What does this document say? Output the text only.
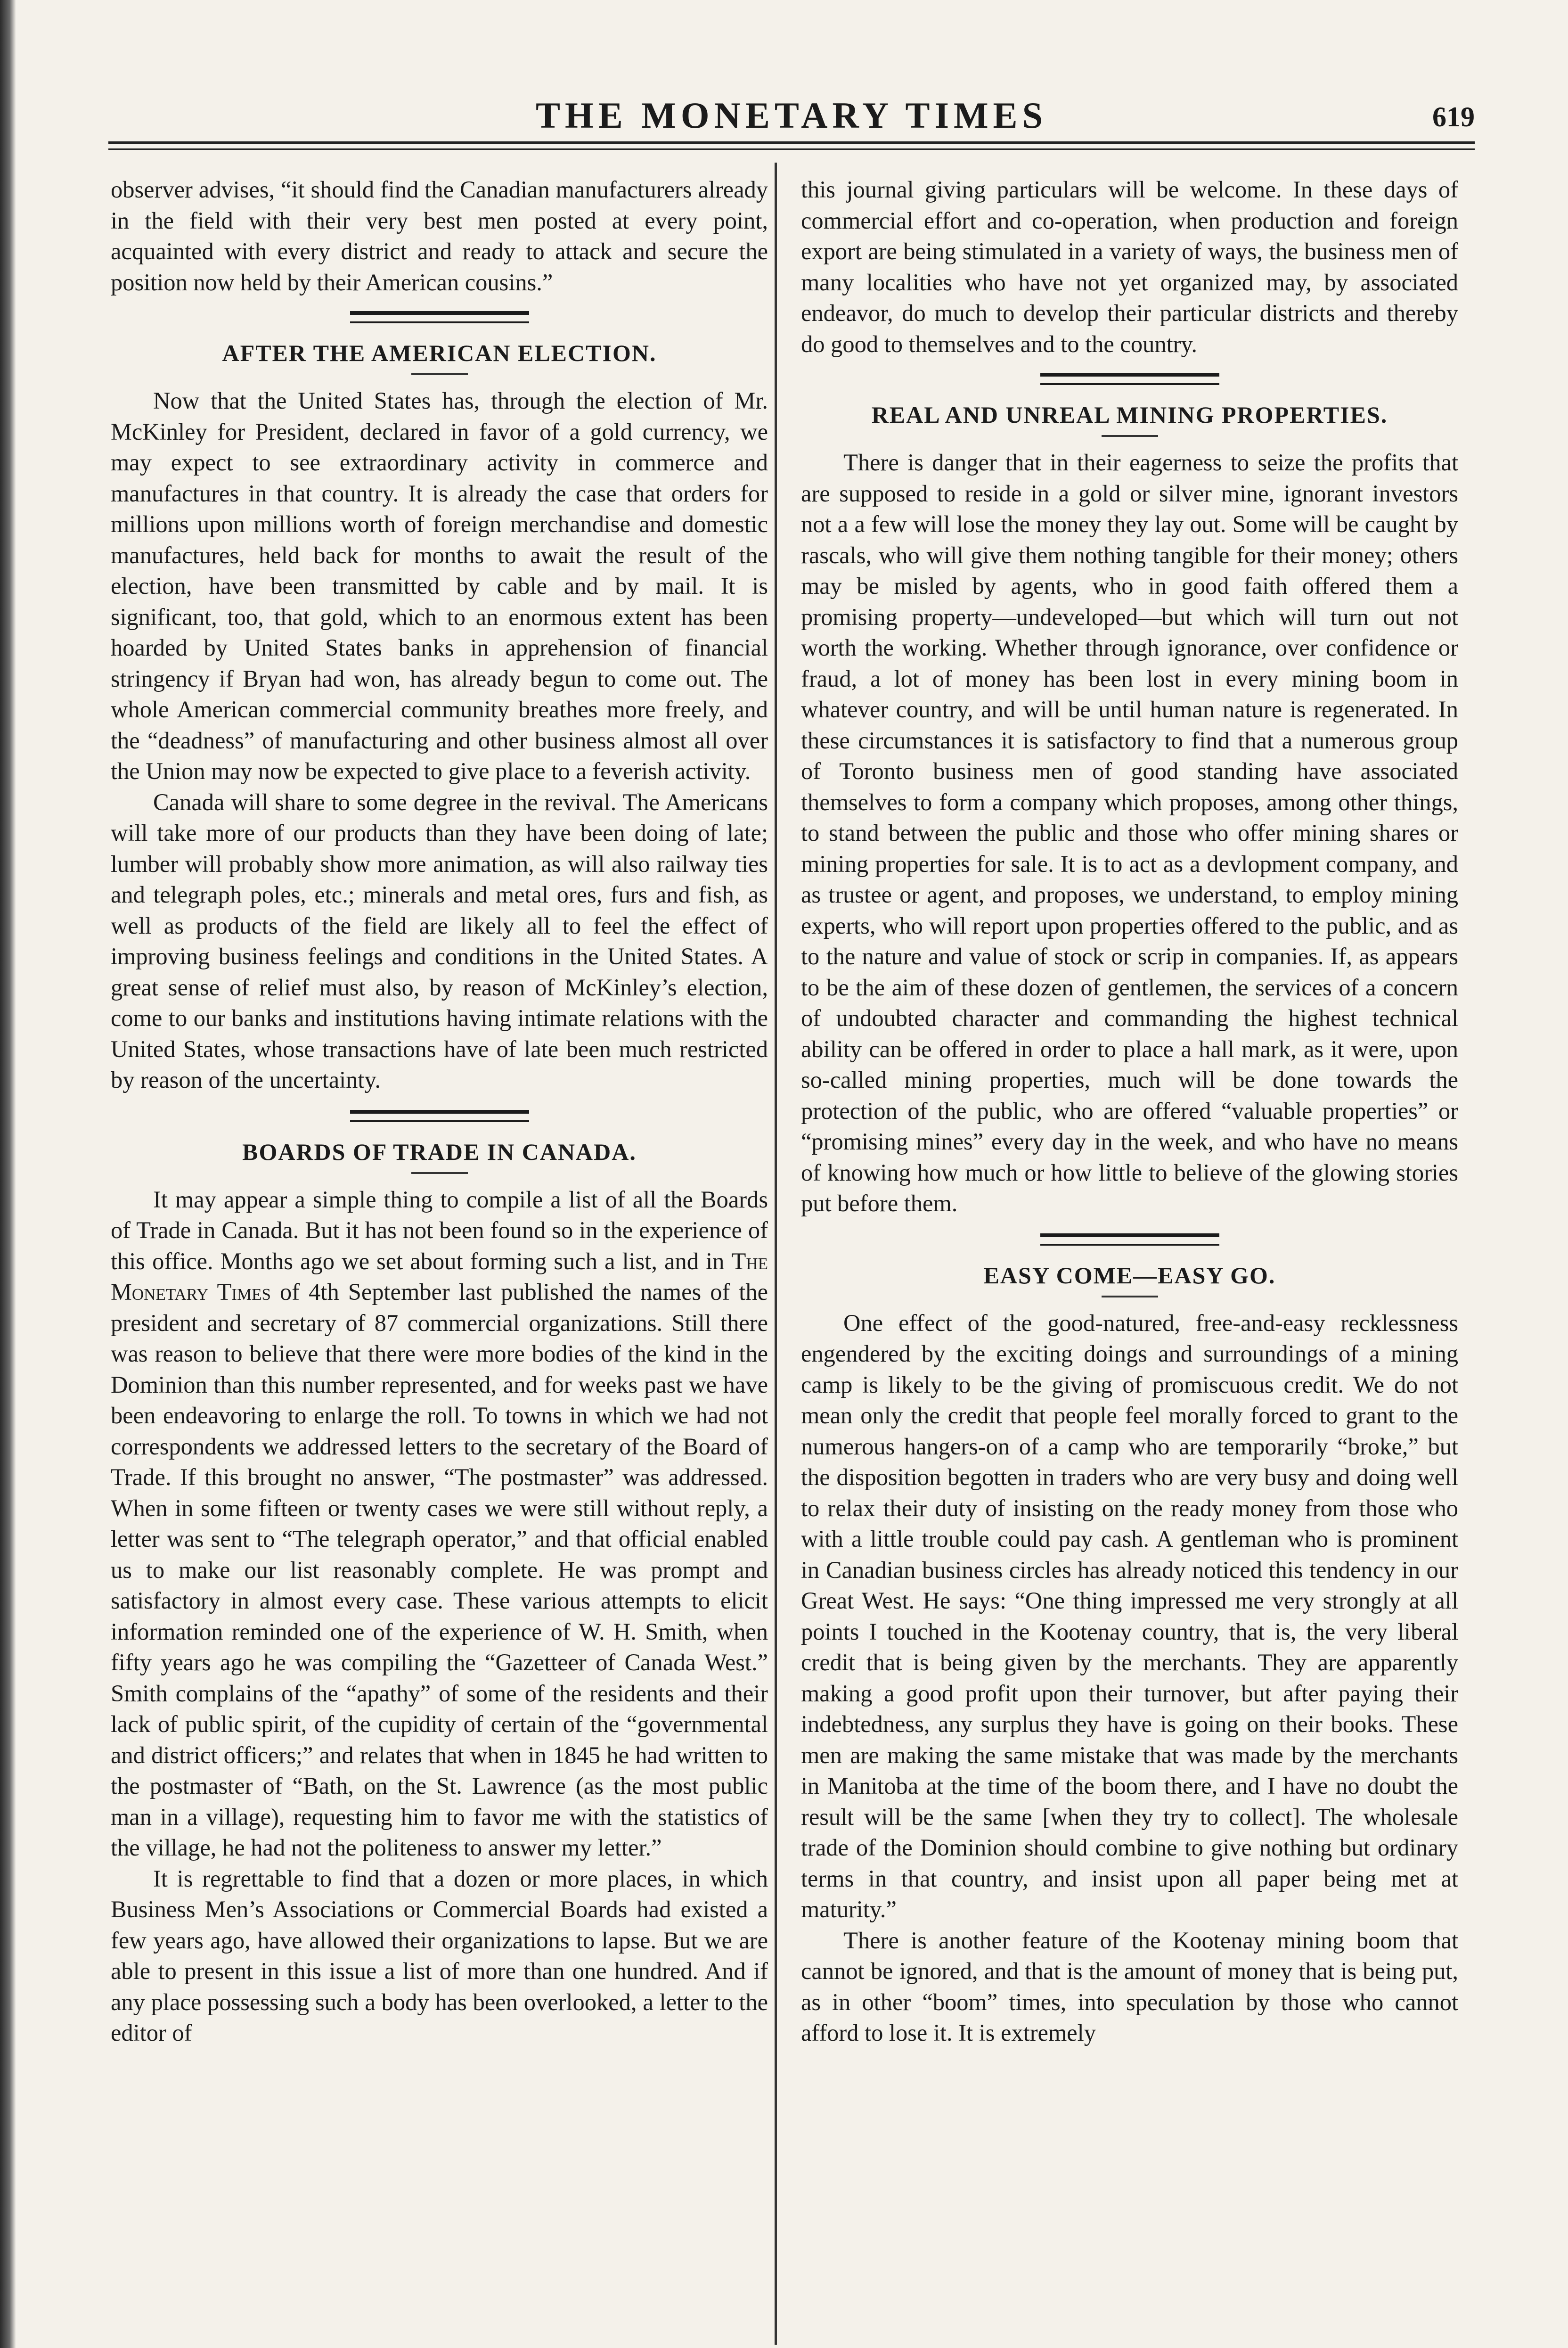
THE MONETARY TIMES	619

observer advises, “it should find the Canadian manufacturers already in the field with their very best men posted at every point, acquainted with every district and ready to attack and secure the position now held by their American cousins.”

AFTER THE AMERICAN ELECTION.

Now that the United States has, through the election of Mr. McKinley for President, declared in favor of a gold currency, we may expect to see extraordinary activity in commerce and manufactures in that country. It is already the case that orders for millions upon millions worth of foreign merchandise and domestic manufactures, held back for months to await the result of the election, have been transmitted by cable and by mail. It is significant, too, that gold, which to an enormous extent has been hoarded by United States banks in apprehension of financial stringency if Bryan had won, has already begun to come out. The whole American commercial community breathes more freely, and the “deadness” of manufacturing and other business almost all over the Union may now be expected to give place to a feverish activity.

Canada will share to some degree in the revival. The Americans will take more of our products than they have been doing of late; lumber will probably show more animation, as will also railway ties and telegraph poles, etc.; minerals and metal ores, furs and fish, as well as products of the field are likely all to feel the effect of improving business feelings and conditions in the United States. A great sense of relief must also, by reason of McKinley’s election, come to our banks and institutions having intimate relations with the United States, whose transactions have of late been much restricted by reason of the uncertainty.

BOARDS OF TRADE IN CANADA.

It may appear a simple thing to compile a list of all the Boards of Trade in Canada. But it has not been found so in the experience of this office. Months ago we set about forming such a list, and in The Monetary Times of 4th September last published the names of the president and secretary of 87 commercial organizations. Still there was reason to believe that there were more bodies of the kind in the Dominion than this number represented, and for weeks past we have been endeavoring to enlarge the roll. To towns in which we had not correspondents we addressed letters to the secretary of the Board of Trade. If this brought no answer, “The postmaster” was addressed. When in some fifteen or twenty cases we were still without reply, a letter was sent to “The telegraph operator,” and that official enabled us to make our list reasonably complete. He was prompt and satisfactory in almost every case. These various attempts to elicit information reminded one of the experience of W. H. Smith, when fifty years ago he was compiling the “Gazetteer of Canada West.” Smith complains of the “apathy” of some of the residents and their lack of public spirit, of the cupidity of certain of the “governmental and district officers;” and relates that when in 1845 he had written to the postmaster of “Bath, on the St. Lawrence (as the most public man in a village), requesting him to favor me with the statistics of the village, he had not the politeness to answer my letter.”

It is regrettable to find that a dozen or more places, in which Business Men’s Associations or Commercial Boards had existed a few years ago, have allowed their organizations to lapse. But we are able to present in this issue a list of more than one hundred. And if any place possessing such a body has been overlooked, a letter to the editor of

this journal giving particulars will be welcome. In these days of commercial effort and co-operation, when production and foreign export are being stimulated in a variety of ways, the business men of many localities who have not yet organized may, by associated endeavor, do much to develop their particular districts and thereby do good to themselves and to the country.

REAL AND UNREAL MINING PROPERTIES.

There is danger that in their eagerness to seize the profits that are supposed to reside in a gold or silver mine, ignorant investors not a a few will lose the money they lay out. Some will be caught by rascals, who will give them nothing tangible for their money; others may be misled by agents, who in good faith offered them a promising property—undeveloped—but which will turn out not worth the working. Whether through ignorance, over confidence or fraud, a lot of money has been lost in every mining boom in whatever country, and will be until human nature is regenerated. In these circumstances it is satisfactory to find that a numerous group of Toronto business men of good standing have associated themselves to form a company which proposes, among other things, to stand between the public and those who offer mining shares or mining properties for sale. It is to act as a devlopment company, and as trustee or agent, and proposes, we understand, to employ mining experts, who will report upon properties offered to the public, and as to the nature and value of stock or scrip in companies. If, as appears to be the aim of these dozen of gentlemen, the services of a concern of undoubted character and commanding the highest technical ability can be offered in order to place a hall mark, as it were, upon so-called mining properties, much will be done towards the protection of the public, who are offered “valuable properties” or “promising mines” every day in the week, and who have no means of knowing how much or how little to believe of the glowing stories put before them.

EASY COME—EASY GO.

One effect of the good-natured, free-and-easy recklessness engendered by the exciting doings and surroundings of a mining camp is likely to be the giving of promiscuous credit. We do not mean only the credit that people feel morally forced to grant to the numerous hangers-on of a camp who are temporarily “broke,” but the disposition begotten in traders who are very busy and doing well to relax their duty of insisting on the ready money from those who with a little trouble could pay cash. A gentleman who is prominent in Canadian business circles has already noticed this tendency in our Great West. He says: “One thing impressed me very strongly at all points I touched in the Kootenay country, that is, the very liberal credit that is being given by the merchants. They are apparently making a good profit upon their turnover, but after paying their indebtedness, any surplus they have is going on their books. These men are making the same mistake that was made by the merchants in Manitoba at the time of the boom there, and I have no doubt the result will be the same [when they try to collect]. The wholesale trade of the Dominion should combine to give nothing but ordinary terms in that country, and insist upon all paper being met at maturity.”

There is another feature of the Kootenay mining boom that cannot be ignored, and that is the amount of money that is being put, as in other “boom” times, into speculation by those who cannot afford to lose it. It is extremely
